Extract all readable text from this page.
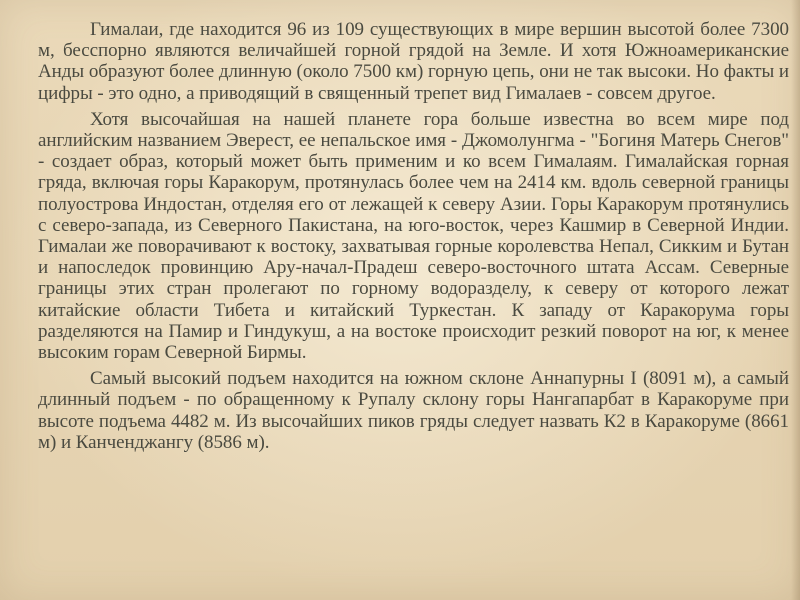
Гималаи, где находится 96 из 109 существующих в мире вершин высотой более 7300 м, бесспорно являются величайшей горной грядой на Земле. И хотя Южноамериканские Анды образуют более длинную (около 7500 км) горную цепь, они не так высоки. Но факты и цифры - это одно, а приводящий в священный трепет вид Гималаев - совсем другое.

Хотя высочайшая на нашей планете гора больше известна во всем мире под английским названием Эверест, ее непальское имя - Джомолунгма - "Богиня Матерь Снегов" - создает образ, который может быть применим и ко всем Гималаям. Гималайская горная гряда, включая горы Каракорум, протянулась более чем на 2414 км. вдоль северной границы полуострова Индостан, отделяя его от лежащей к северу Азии. Горы Каракорум протянулись с северо-запада, из Северного Пакистана, на юго-восток, через Кашмир в Северной Индии. Гималаи же поворачивают к востоку, захватывая горные королевства Непал, Сикким и Бутан и напоследок провинцию Ару-начал-Прадеш северо-восточного штата Ассам. Северные границы этих стран пролегают по горному водоразделу, к северу от которого лежат китайские области Тибета и китайский Туркестан. К западу от Каракорума горы разделяются на Памир и Гиндукуш, а на востоке происходит резкий поворот на юг, к менее высоким горам Северной Бирмы.

Самый высокий подъем находится на южном склоне Аннапурны I (8091 м), а самый длинный подъем - по обращенному к Рупалу склону горы Нангапарбат в Каракоруме при высоте подъема 4482 м. Из высочайших пиков гряды следует назвать К2 в Каракоруме (8661 м) и Канченджангу (8586 м).
